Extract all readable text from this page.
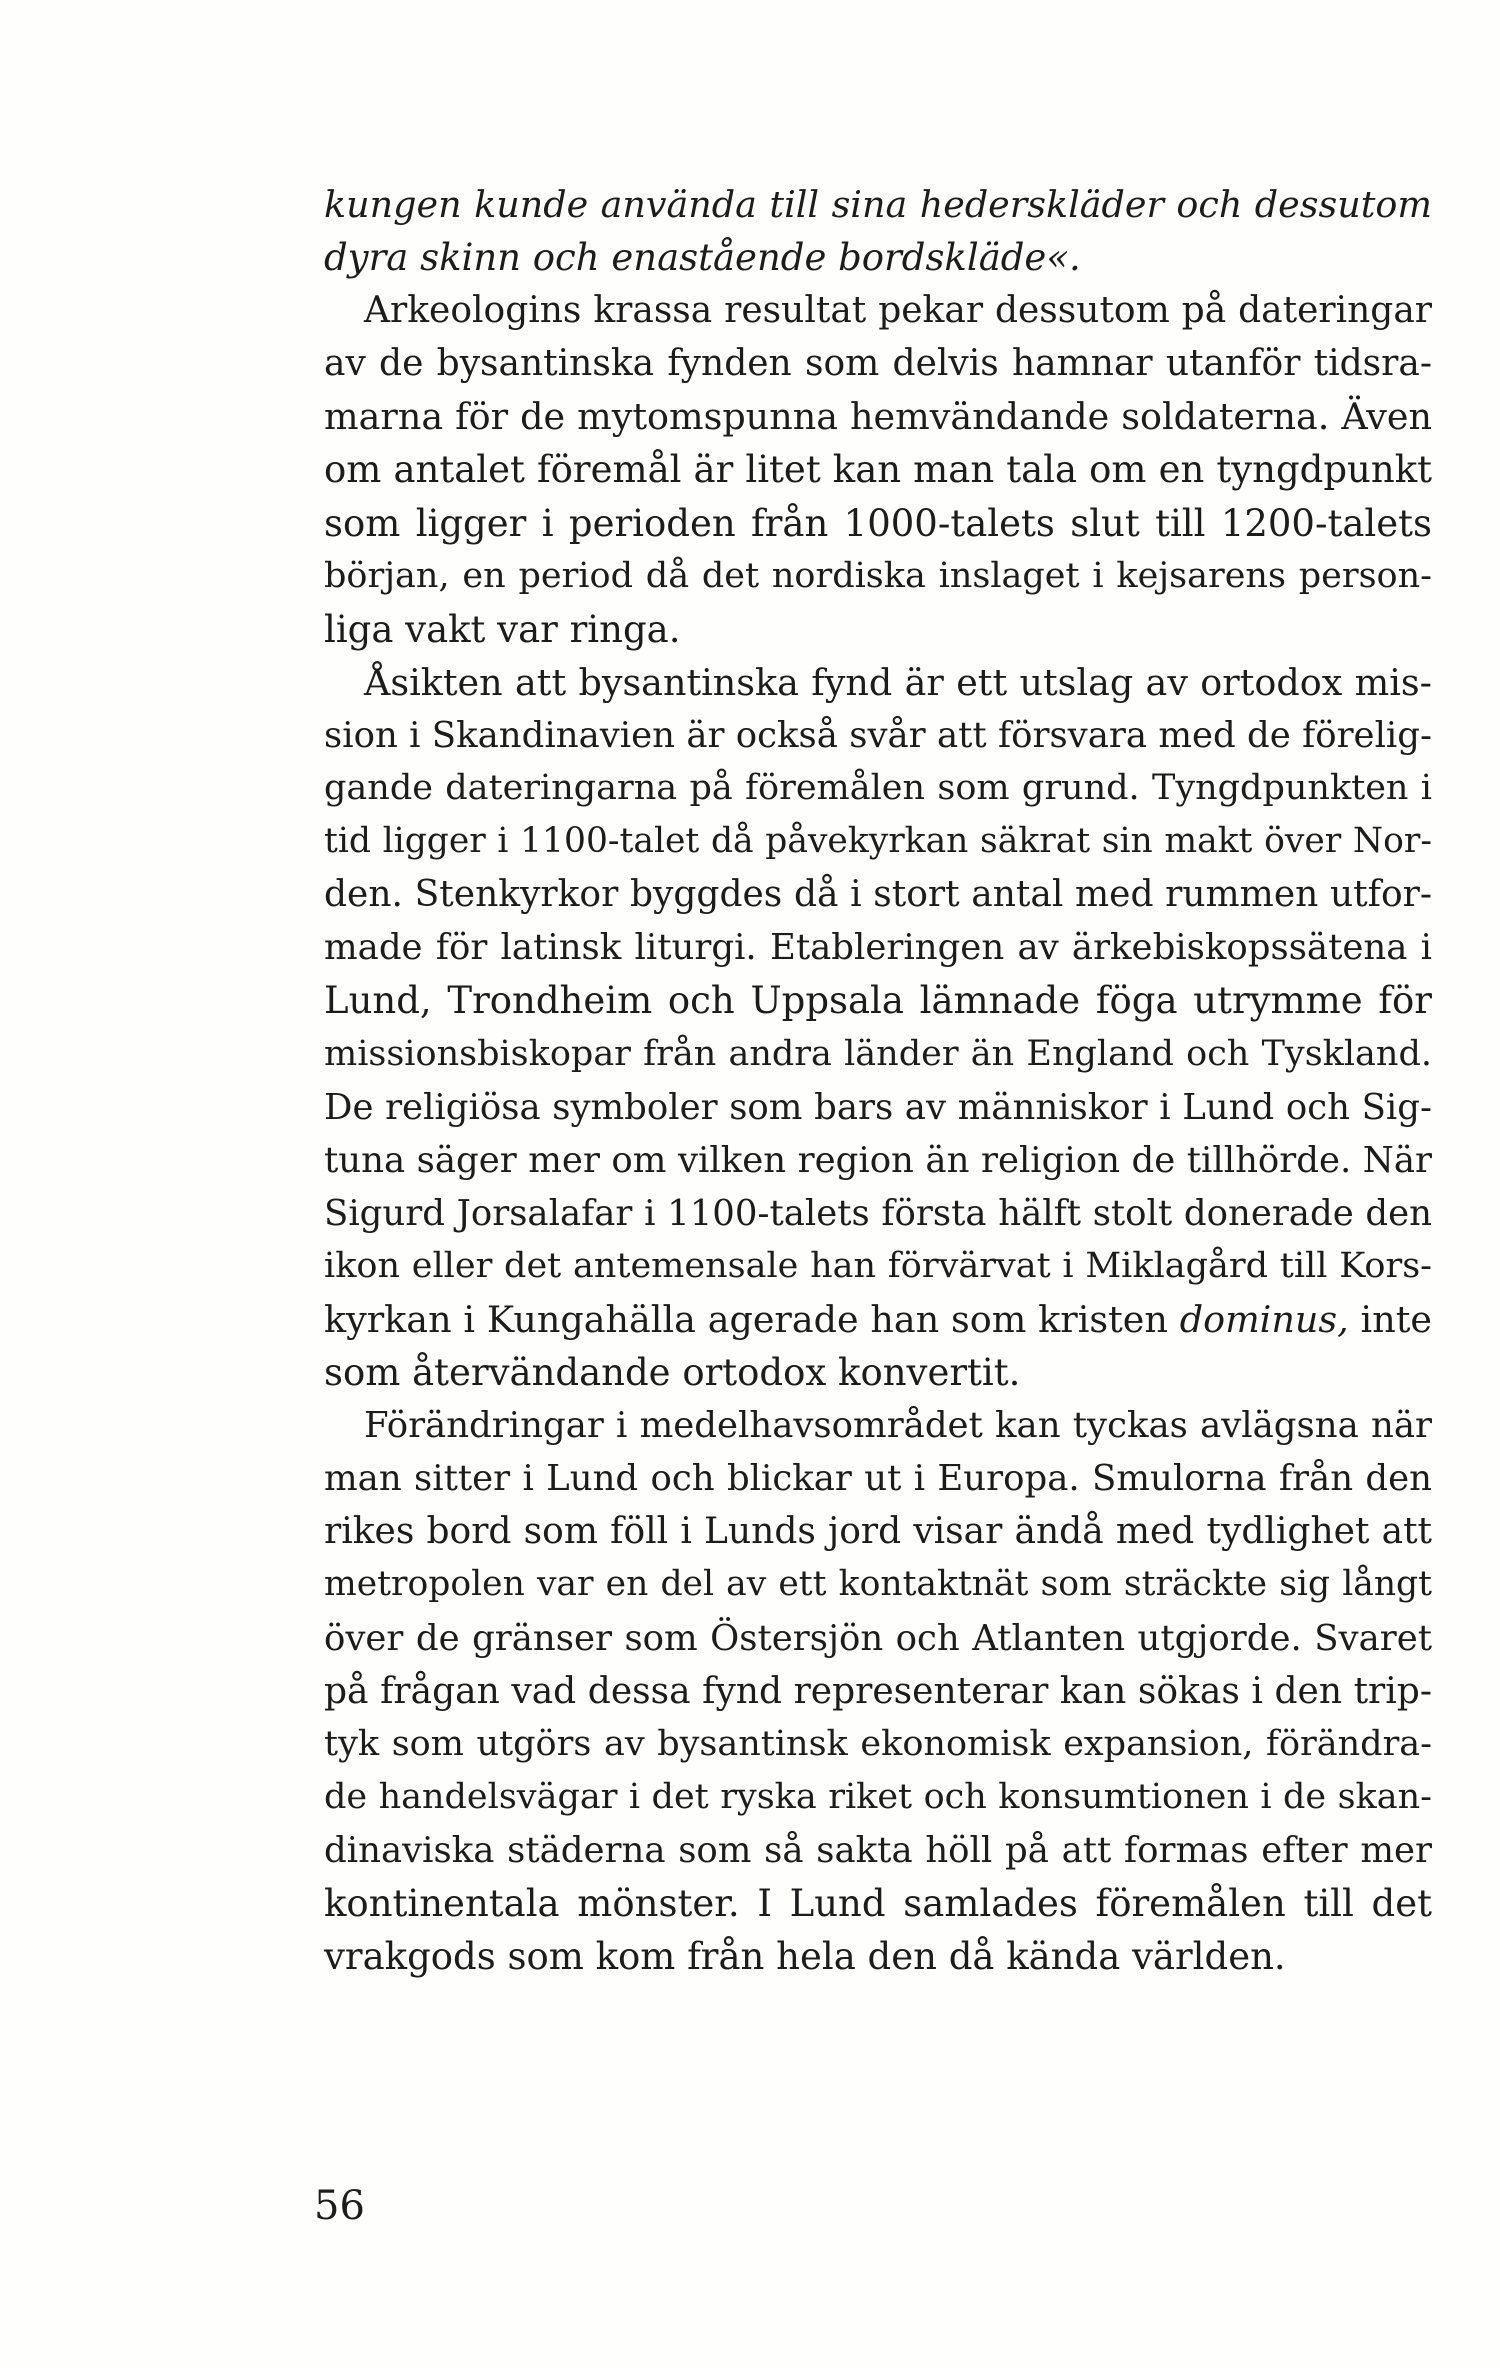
kungen kunde använda till sina hederskläder och dessutom
dyra skinn och enastående bordskläde«.
Arkeologins krassa resultat pekar dessutom på dateringar
av de bysantinska fynden som delvis hamnar utanför tidsra-
marna för de mytomspunna hemvändande soldaterna. Även
om antalet föremål är litet kan man tala om en tyngdpunkt
som ligger i perioden från 1000-talets slut till 1200-talets
början, en period då det nordiska inslaget i kejsarens person-
liga vakt var ringa.
Åsikten att bysantinska fynd är ett utslag av ortodox mis-
sion i Skandinavien är också svår att försvara med de förelig-
gande dateringarna på föremålen som grund. Tyngdpunkten i
tid ligger i 1100-talet då påvekyrkan säkrat sin makt över Nor-
den. Stenkyrkor byggdes då i stort antal med rummen utfor-
made för latinsk liturgi. Etableringen av ärkebiskopssätena i
Lund, Trondheim och Uppsala lämnade föga utrymme för
missionsbiskopar från andra länder än England och Tyskland.
De religiösa symboler som bars av människor i Lund och Sig-
tuna säger mer om vilken region än religion de tillhörde. När
Sigurd Jorsalafar i 1100-talets första hälft stolt donerade den
ikon eller det antemensale han förvärvat i Miklagård till Kors-
kyrkan i Kungahälla agerade han som kristen dominus, inte
som återvändande ortodox konvertit.
Förändringar i medelhavsområdet kan tyckas avlägsna när
man sitter i Lund och blickar ut i Europa. Smulorna från den
rikes bord som föll i Lunds jord visar ändå med tydlighet att
metropolen var en del av ett kontaktnät som sträckte sig långt
över de gränser som Östersjön och Atlanten utgjorde. Svaret
på frågan vad dessa fynd representerar kan sökas i den trip-
tyk som utgörs av bysantinsk ekonomisk expansion, förändra-
de handelsvägar i det ryska riket och konsumtionen i de skan-
dinaviska städerna som så sakta höll på att formas efter mer
kontinentala mönster. I Lund samlades föremålen till det
vrakgods som kom från hela den då kända världen.
56
